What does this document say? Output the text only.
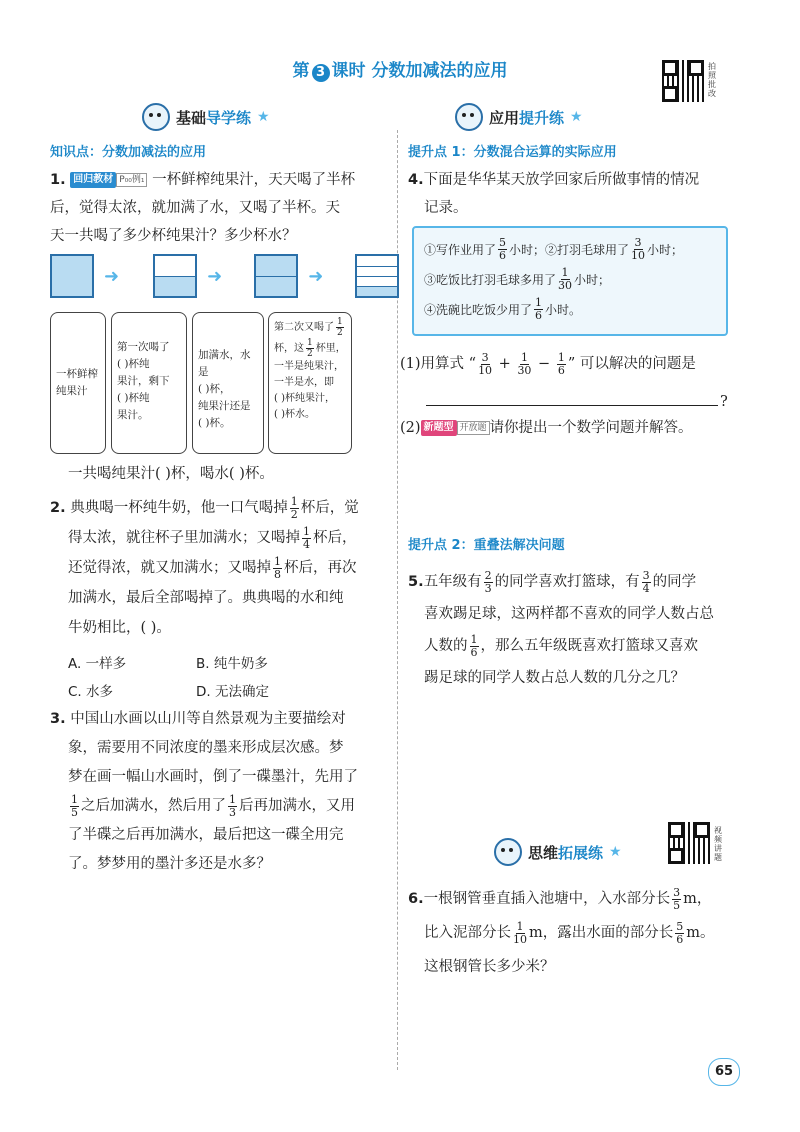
第 3 课时 分数加减法的应用	拍照批改
基础导学练 ★
知识点：分数加减法的应用
1. 回归教材 P₀₀例₁ 一杯鲜榨纯果汁，天天喝了半杯
后，觉得太浓，就加满了水，又喝了半杯。天
天一共喝了多少杯纯果汁？多少杯水？
➜	➜	➜
一杯鲜榨
纯果汁
第一次喝了
( )杯纯
果汁，剩下
( )杯纯
果汁。
加满水，水是
( )杯，
纯果汁还是
( )杯。
第二次又喝了 $\frac{1}{2}$
杯，这 $\frac{1}{2}$ 杯里，
一半是纯果汁，
一半是水，即
( )杯纯果汁，
( )杯水。
一共喝纯果汁( )杯，喝水( )杯。
2. 典典喝一杯纯牛奶，他一口气喝掉 $\frac{1}{2}$ 杯后，觉
得太浓，就往杯子里加满水；又喝掉 $\frac{1}{4}$ 杯后，
还觉得浓，就又加满水；又喝掉 $\frac{1}{8}$ 杯后，再次
加满水，最后全部喝掉了。典典喝的水和纯
牛奶相比，( )。
A. 一样多	B. 纯牛奶多
C. 水多	D. 无法确定
3. 中国山水画以山川等自然景观为主要描绘对
象，需要用不同浓度的墨来形成层次感。梦
梦在画一幅山水画时，倒了一碟墨汁，先用了
$\frac{1}{5}$ 之后加满水，然后用了 $\frac{1}{3}$ 后再加满水，又用
了半碟之后再加满水，最后把这一碟全用完
了。梦梦用的墨汁多还是水多？
应用提升练 ★
提升点 1：分数混合运算的实际应用
4.下面是华华某天放学回家后所做事情的情况
记录。
①写作业用了 $\frac{5}{6}$ 小时；②打羽毛球用了 $\frac{3}{10}$ 小时；
③吃饭比打羽毛球多用了 $\frac{1}{30}$ 小时；
④洗碗比吃饭少用了 $\frac{1}{6}$ 小时。
(1)用算式 “ $\frac{3}{10} + \frac{1}{30} - \frac{1}{6}$ ” 可以解决的问题是
?
(2) 新题型 开放题 请你提出一个数学问题并解答。
提升点 2：重叠法解决问题
5.五年级有 $\frac{2}{3}$ 的同学喜欢打篮球，有 $\frac{3}{4}$ 的同学
喜欢踢足球，这两样都不喜欢的同学人数占总
人数的 $\frac{1}{6}$ ，那么五年级既喜欢打篮球又喜欢
踢足球的同学人数占总人数的几分之几？
思维拓展练 ★
视频讲题
6.一根钢管垂直插入池塘中，入水部分长 $\frac{3}{5}$ m，
比入泥部分长 $\frac{1}{10}$ m，露出水面的部分长 $\frac{5}{6}$ m。
这根钢管长多少米？
65
